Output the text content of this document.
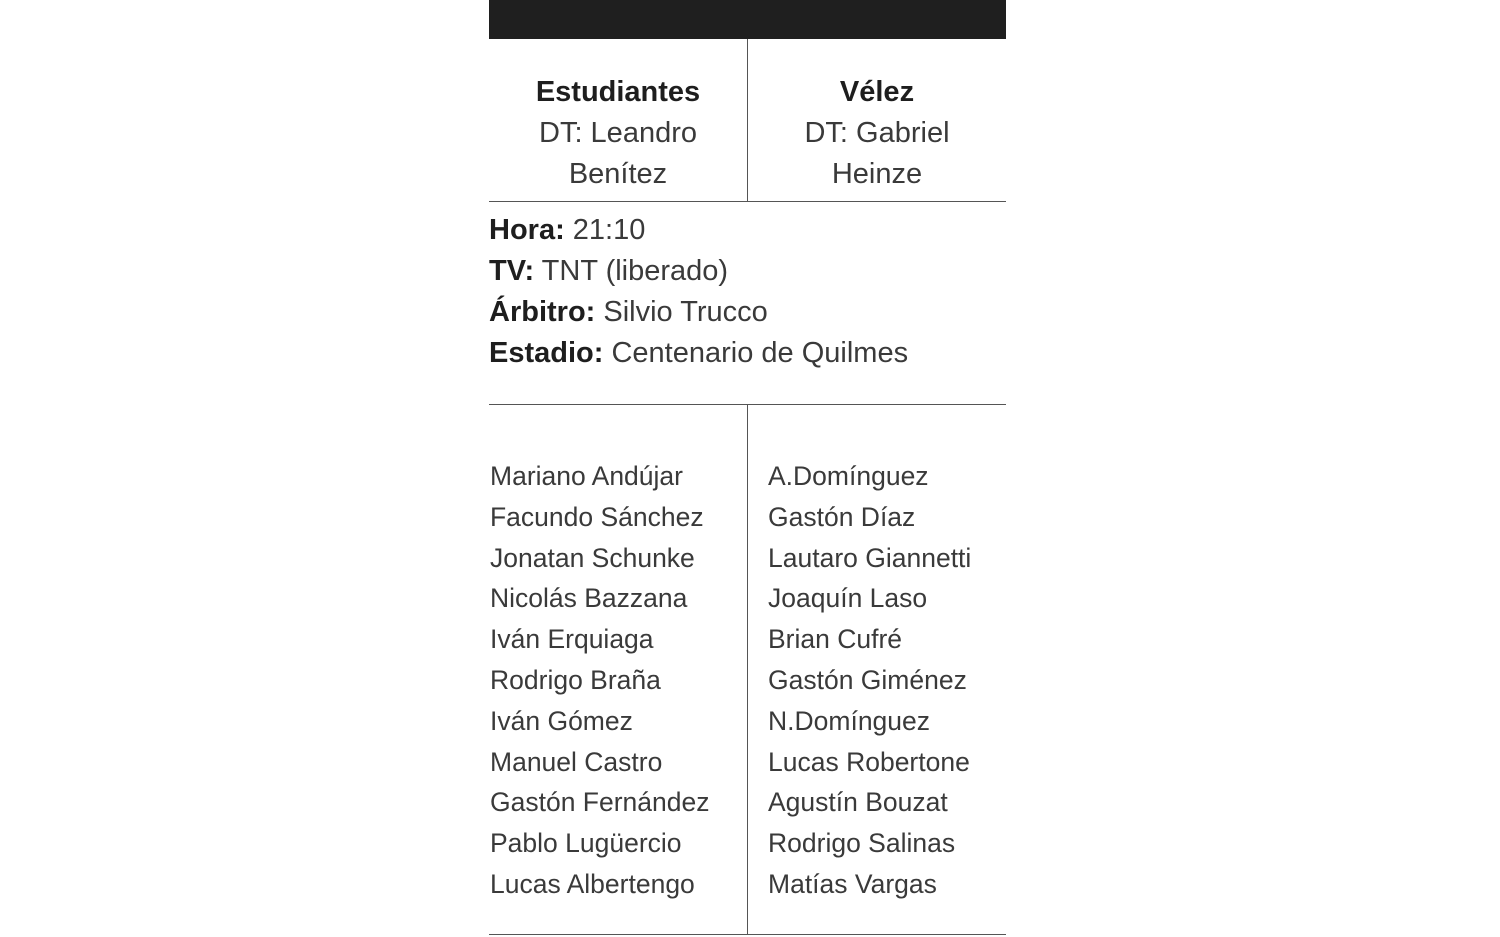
Estudiantes
DT: Leandro Benítez
Vélez
DT: Gabriel Heinze
Hora: 21:10
TV: TNT (liberado)
Árbitro: Silvio Trucco
Estadio: Centenario de Quilmes
Mariano Andújar
Facundo Sánchez
Jonatan Schunke
Nicolás Bazzana
Iván Erquiaga
Rodrigo Braña
Iván Gómez
Manuel Castro
Gastón Fernández
Pablo Lugüercio
Lucas Albertengo
A.Domínguez
Gastón Díaz
Lautaro Giannetti
Joaquín Laso
Brian Cufré
Gastón Giménez
N.Domínguez
Lucas Robertone
Agustín Bouzat
Rodrigo Salinas
Matías Vargas
